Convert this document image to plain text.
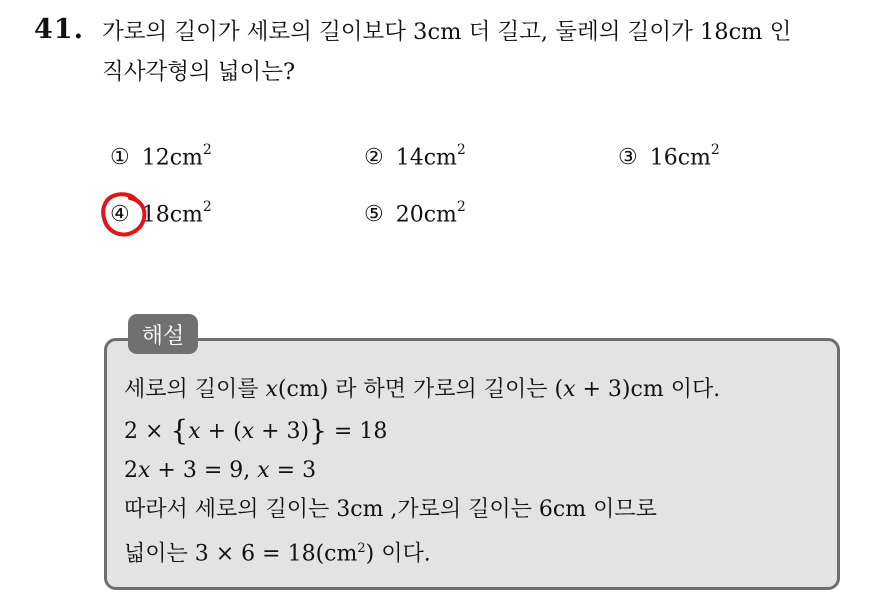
41. 가로의 길이가 세로의 길이보다 3cm 더 길고, 둘레의 길이가 18cm 인
직사각형의 넓이는?
① $12cm^2$	② $14cm^2$	③ $16cm^2$
④ $18cm^2$	⑤ $20cm^2$
해설
세로의 길이를 x(cm) 라 하면 가로의 길이는 (x + 3)cm 이다.
2 × {x + (x + 3)} = 18
2x + 3 = 9, x = 3
따라서 세로의 길이는 3cm ,가로의 길이는 6cm 이므로
넓이는 $3 \times 6 = 18(cm^2)$ 이다.
